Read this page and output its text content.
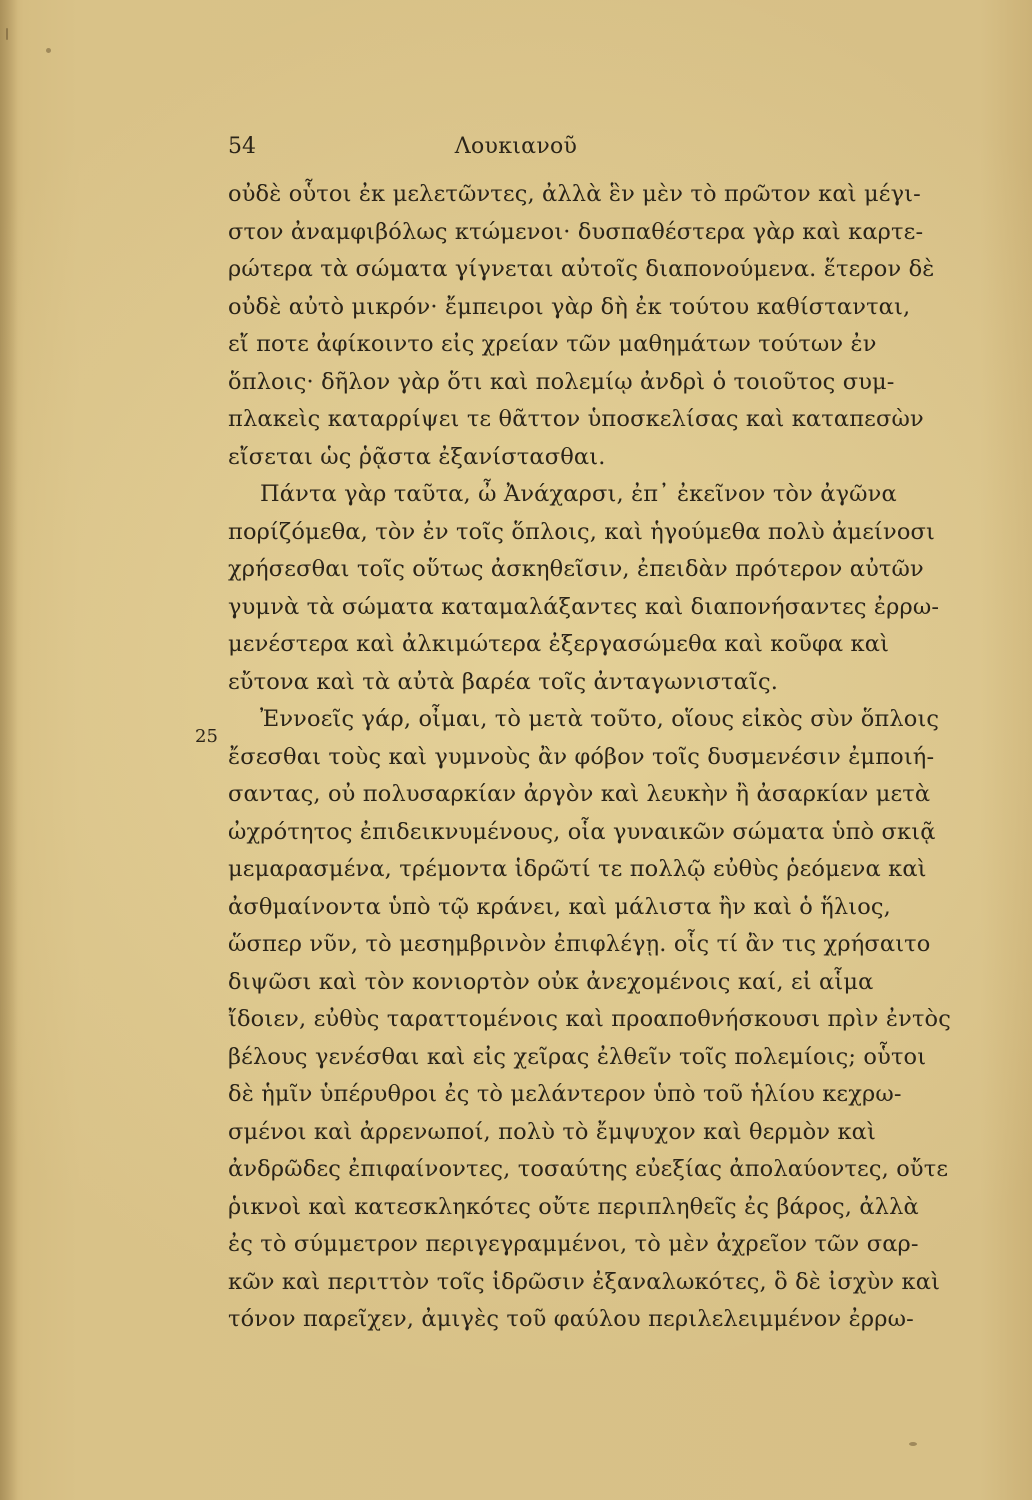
54	Λουκιανοῦ
25
οὐδὲ οὗτοι ἐκ μελετῶντες, ἀλλὰ ἓν μὲν τὸ πρῶτον καὶ μέγι-
στον ἀναμφιβόλως κτώμενοι· δυσπαθέστερα γὰρ καὶ καρτε-
ρώτερα τὰ σώματα γίγνεται αὐτοῖς διαπονούμενα. ἕτερον δὲ
οὐδὲ αὐτὸ μικρόν· ἔμπειροι γὰρ δὴ ἐκ τούτου καθίστανται,
εἴ ποτε ἀφίκοιντο εἰς χρείαν τῶν μαθημάτων τούτων ἐν
ὅπλοις· δῆλον γὰρ ὅτι καὶ πολεμίῳ ἀνδρὶ ὁ τοιοῦτος συμ-
πλακεὶς καταρρίψει τε θᾶττον ὑποσκελίσας καὶ καταπεσὼν
εἴσεται ὡς ῥᾷστα ἐξανίστασθαι.
Πάντα γὰρ ταῦτα, ὦ Ἀνάχαρσι, ἐπ᾽ ἐκεῖνον τὸν ἀγῶνα
πορίζόμεθα, τὸν ἐν τοῖς ὅπλοις, καὶ ἡγούμεθα πολὺ ἀμείνοσι
χρήσεσθαι τοῖς οὕτως ἀσκηθεῖσιν, ἐπειδὰν πρότερον αὐτῶν
γυμνὰ τὰ σώματα καταμαλάξαντες καὶ διαπονήσαντες ἐρρω-
μενέστερα καὶ ἀλκιμώτερα ἐξεργασώμεθα καὶ κοῦφα καὶ
εὔτονα καὶ τὰ αὐτὰ βαρέα τοῖς ἀνταγωνισταῖς.
Ἐννοεῖς γάρ, οἶμαι, τὸ μετὰ τοῦτο, οἵους εἰκὸς σὺν ὅπλοις
ἔσεσθαι τοὺς καὶ γυμνοὺς ἂν φόβον τοῖς δυσμενέσιν ἐμποιή-
σαντας, οὐ πολυσαρκίαν ἀργὸν καὶ λευκὴν ἢ ἀσαρκίαν μετὰ
ὠχρότητος ἐπιδεικνυμένους, οἷα γυναικῶν σώματα ὑπὸ σκιᾷ
μεμαρασμένα, τρέμοντα ἱδρῶτί τε πολλῷ εὐθὺς ῥεόμενα καὶ
ἀσθμαίνοντα ὑπὸ τῷ κράνει, καὶ μάλιστα ἢν καὶ ὁ ἥλιος,
ὥσπερ νῦν, τὸ μεσημβρινὸν ἐπιφλέγῃ. οἷς τί ἂν τις χρήσαιτο
διψῶσι καὶ τὸν κονιορτὸν οὐκ ἀνεχομένοις καί, εἰ αἷμα
ἴδοιεν, εὐθὺς ταραττομένοις καὶ προαποθνήσκουσι πρὶν ἐντὸς
βέλους γενέσθαι καὶ εἰς χεῖρας ἐλθεῖν τοῖς πολεμίοις; οὗτοι
δὲ ἡμῖν ὑπέρυθροι ἐς τὸ μελάντερον ὑπὸ τοῦ ἡλίου κεχρω-
σμένοι καὶ ἀρρενωποί, πολὺ τὸ ἔμψυχον καὶ θερμὸν καὶ
ἀνδρῶδες ἐπιφαίνοντες, τοσαύτης εὐεξίας ἀπολαύοντες, οὔτε
ῥικνοὶ καὶ κατεσκληκότες οὔτε περιπληθεῖς ἐς βάρος, ἀλλὰ
ἐς τὸ σύμμετρον περιγεγραμμένοι, τὸ μὲν ἀχρεῖον τῶν σαρ-
κῶν καὶ περιττὸν τοῖς ἱδρῶσιν ἐξαναλωκότες, ὃ δὲ ἰσχὺν καὶ
τόνον παρεῖχεν, ἀμιγὲς τοῦ φαύλου περιλελειμμένον ἐρρω-
